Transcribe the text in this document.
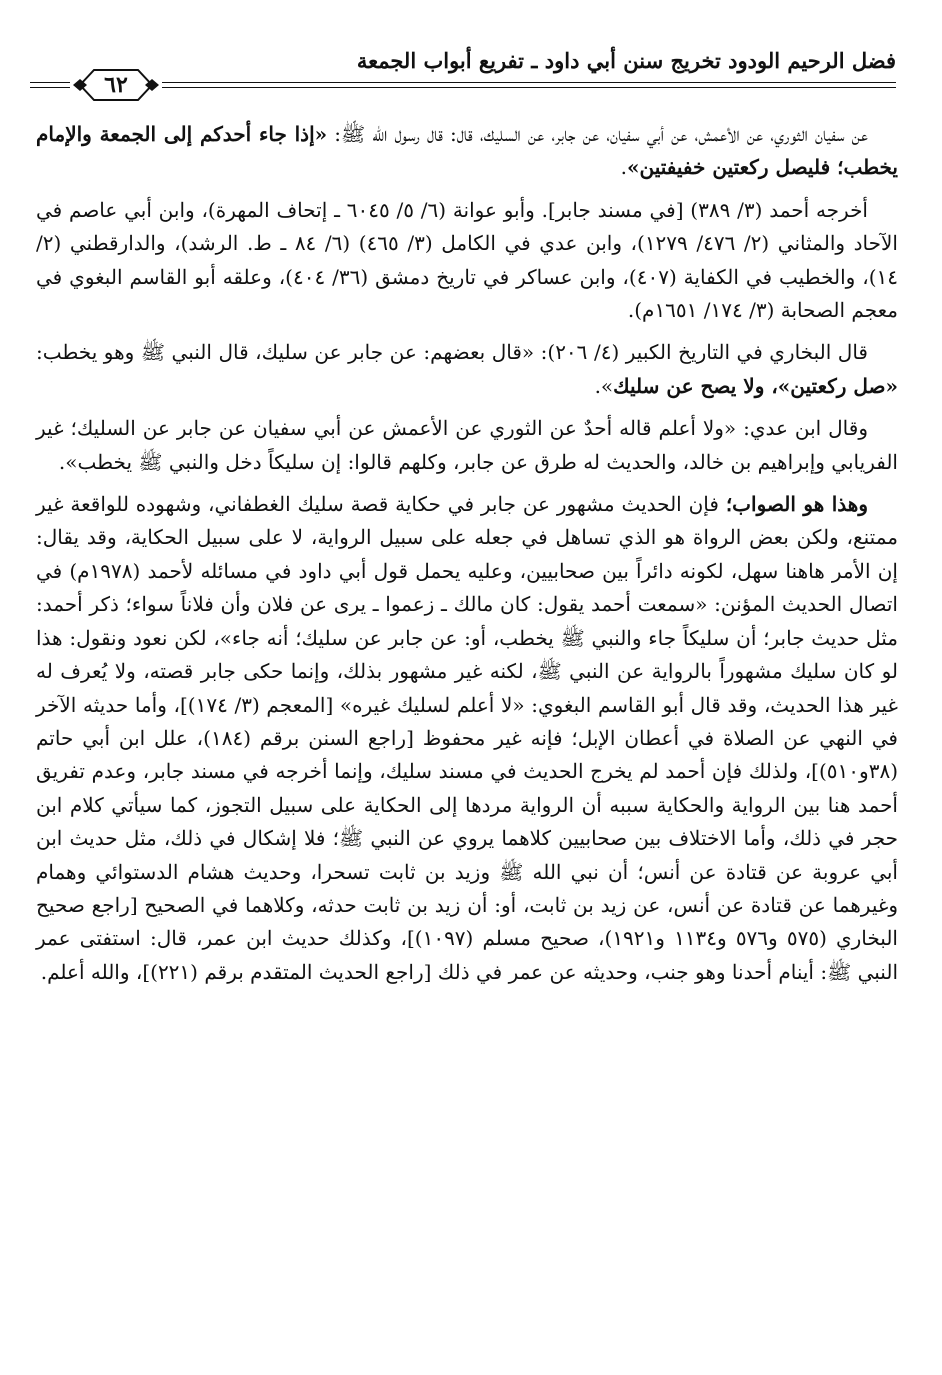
فضل الرحيم الودود تخريج سنن أبي داود ـ تفريع أبواب الجمعة
٦٢

عن سفيان الثوري، عن الأعمش، عن أبي سفيان، عن جابر، عن السليك، قال: قال رسول الله ﷺ: «إذا جاء أحدكم إلى الجمعة والإمام يخطب؛ فليصل ركعتين خفيفتين».

أخرجه أحمد (٣/ ٣٨٩) [في مسند جابر]. وأبو عوانة (٦/ ٥/ ٦٠٤٥ ـ إتحاف المهرة)، وابن أبي عاصم في الآحاد والمثاني (٢/ ٤٧٦/ ١٢٧٩)، وابن عدي في الكامل (٣/ ٤٦٥) (٦/ ٨٤ ـ ط. الرشد)، والدارقطني (٢/ ١٤)، والخطيب في الكفاية (٤٠٧)، وابن عساكر في تاريخ دمشق (٣٦/ ٤٠٤)، وعلقه أبو القاسم البغوي في معجم الصحابة (٣/ ١٧٤/ ١٦٥١م).

قال البخاري في التاريخ الكبير (٤/ ٢٠٦): «قال بعضهم: عن جابر عن سليك، قال النبي ﷺ وهو يخطب: «صل ركعتين»، ولا يصح عن سليك».

وقال ابن عدي: «ولا أعلم قاله أحدٌ عن الثوري عن الأعمش عن أبي سفيان عن جابر عن السليك؛ غير الفريابي وإبراهيم بن خالد، والحديث له طرق عن جابر، وكلهم قالوا: إن سليكاً دخل والنبي ﷺ يخطب».

وهذا هو الصواب؛ فإن الحديث مشهور عن جابر في حكاية قصة سليك الغطفاني، وشهوده للواقعة غير ممتنع، ولكن بعض الرواة هو الذي تساهل في جعله على سبيل الرواية، لا على سبيل الحكاية، وقد يقال: إن الأمر هاهنا سهل، لكونه دائراً بين صحابيين، وعليه يحمل قول أبي داود في مسائله لأحمد (١٩٧٨م) في اتصال الحديث المؤنن: «سمعت أحمد يقول: كان مالك ـ زعموا ـ يرى عن فلان وأن فلاناً سواء؛ ذكر أحمد: مثل حديث جابر؛ أن سليكاً جاء والنبي ﷺ يخطب، أو: عن جابر عن سليك؛ أنه جاء»، لكن نعود ونقول: هذا لو كان سليك مشهوراً بالرواية عن النبي ﷺ، لكنه غير مشهور بذلك، وإنما حكى جابر قصته، ولا يُعرف له غير هذا الحديث، وقد قال أبو القاسم البغوي: «لا أعلم لسليك غيره» [المعجم (٣/ ١٧٤)]، وأما حديثه الآخر في النهي عن الصلاة في أعطان الإبل؛ فإنه غير محفوظ [راجع السنن برقم (١٨٤)، علل ابن أبي حاتم (٣٨و٥١٠)]، ولذلك فإن أحمد لم يخرج الحديث في مسند سليك، وإنما أخرجه في مسند جابر، وعدم تفريق أحمد هنا بين الرواية والحكاية سببه أن الرواية مردها إلى الحكاية على سبيل التجوز، كما سيأتي كلام ابن حجر في ذلك، وأما الاختلاف بين صحابيين كلاهما يروي عن النبي ﷺ؛ فلا إشكال في ذلك، مثل حديث ابن أبي عروبة عن قتادة عن أنس؛ أن نبي الله ﷺ وزيد بن ثابت تسحرا، وحديث هشام الدستوائي وهمام وغيرهما عن قتادة عن أنس، عن زيد بن ثابت، أو: أن زيد بن ثابت حدثه، وكلاهما في الصحيح [راجع صحيح البخاري (٥٧٥ و٥٧٦ و١١٣٤ و١٩٢١)، صحيح مسلم (١٠٩٧)]، وكذلك حديث ابن عمر، قال: استفتى عمر النبي ﷺ: أينام أحدنا وهو جنب، وحديثه عن عمر في ذلك [راجع الحديث المتقدم برقم (٢٢١)]، والله أعلم.
